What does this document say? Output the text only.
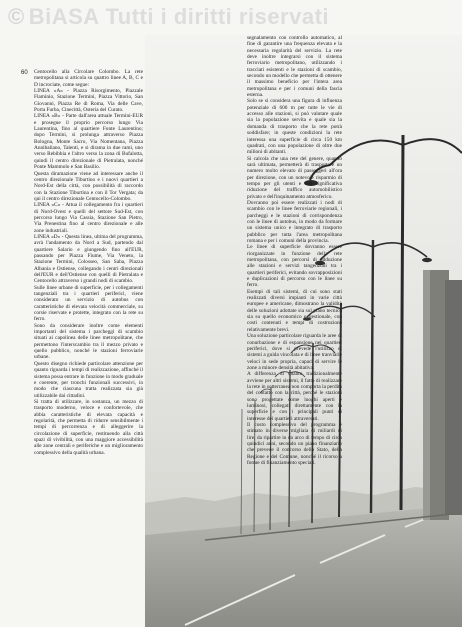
© BiASA Tutti i diritti riservati
60 Centocello alla Circolare Colombo. La rete metropolitana si articola su quattro linee A, B, C e D incrociate, come segue:

LINEA «A» - Piazza Risorgimento, Piazzale Flaminio, Stazione Termini, Piazza Vittorio, San Giovanni, Piazza Re di Roma, Via delle Cave, Porta Furba, Cinecittà, Osteria del Curato.

LINEA «B» - Parte dall'area attuale Termini-EUR e prosegue il proprio percorso lungo Via Laurentina, fino al quartiere Fonte Laurentino; dopo Termini, si prolunga attraverso Piazza Bologna, Monte Sacro, Via Nomentana, Piazza Annibaliano, Talenti, e si dirama in due rami, uno verso Rebibbia e l'altro verso la zona di Bufalotta, quindi il centro direzionale di Pietralata, nonché Ponte Mammolo e San Basilio.

Questa diramazione viene ad interessare anche il centro direzionale Tiburtino e i nuovi quartieri a Nord-Est della città, con possibilità di raccordo con la Stazione Tiburtina e con il Tor Vergata; da qui il centro direzionale Centocello-Colombo.

LINEA «C» - Attua il collegamento fra i quartieri di Nord-Ovest e quelli del settore Sud-Est, con percorso lungo Via Cassia, Stazione San Pietro, Via Prenestina fino al centro direzionale e alle zone industriali.

LINEA «D» - Questa linea, ultima del programma, avrà l'andamento da Nord a Sud, partendo dal quartiere Salario e giungendo fino all'EUR, passando per Piazza Fiume, Via Veneto, la Stazione Termini, Colosseo, San Saba, Piazza Albania e Ostiense, collegando i centri direzionali dell'EUR e dell'Ostiense con quelli di Pietralata e Centocello attraverso i grandi nodi di scambio.

Sulle linee urbane di superficie, per i collegamenti tangenziali tra i quartieri periferici, viene considerato un servizio di autobus con caratteristiche di elevata velocità commerciale, su corsie riservate e protette, integrato con la rete su ferro.

Sono da considerare inoltre come elementi importanti del sistema i parcheggi di scambio situati ai capolinea delle linee metropolitane, che permettono l'interscambio tra il mezzo privato e quello pubblico, nonché le stazioni ferroviarie urbane.

Questo disegno richiede particolare attenzione per quanto riguarda i tempi di realizzazione, affinché il sistema possa entrare in funzione in modo graduale e coerente, per tronchi funzionali successivi, in modo che ciascuna tratta realizzata sia già utilizzabile dai cittadini.

Si tratta di utilizzare, in sostanza, un mezzo di trasporto moderno, veloce e confortevole, che abbia caratteristiche di elevata capacità e regolarità, che permetta di ridurre sensibilmente i tempi di percorrenza e di alleggerire la circolazione di superficie, restituendo alla città spazi di vivibilità, con una maggiore accessibilità alle zone centrali e periferiche e un miglioramento complessivo della qualità urbana.

segnalamento con controllo automatico, al fine di garantire una frequenza elevata e la necessaria regolarità del servizio. La rete deve inoltre integrarsi con il sistema ferroviario metropolitano, utilizzando i tracciati esistenti e le stazioni di scambio, secondo un modello che permetta di ottenere il massimo beneficio per l'intera area metropolitana e per i comuni della fascia esterna.

Solo se si considera una figura di influenza potenziale di 600 m per tutte le vie di accesso alle stazioni, si può valutare quale sia la popolazione servita e quale sia la domanda di trasporto che la rete potrà soddisfare; in queste condizioni la rete interessa una superficie di circa 150 km quadrati, con una popolazione di oltre due milioni di abitanti.

Si calcola che una rete del genere, quando sarà ultimata, permetterà di trasportare un numero molto elevato di passeggeri all'ora per direzione, con un notevole risparmio di tempo per gli utenti e una significativa riduzione del traffico automobilistico privato e dell'inquinamento atmosferico.

Dovranno poi essere realizzati i nodi di scambio con le linee ferroviarie regionali, i parcheggi e le stazioni di corrispondenza con le linee di autobus, in modo da formare un sistema unico e integrato di trasporto pubblico per tutta l'area metropolitana romana e per i comuni della provincia.

Le linee di superficie dovranno essere riorganizzate in funzione della rete metropolitana, con percorsi di adduzione alle stazioni e servizi tangenziali tra i quartieri periferici, evitando sovrapposizioni e duplicazioni di percorso con le linee su ferro.

Esempi di tali sistemi, di cui sono stati realizzati diversi impianti in varie città europee e americane, dimostrano la validità delle soluzioni adottate sia sul piano tecnico sia su quello economico e gestionale, con costi contenuti e tempi di costruzione relativamente brevi.

Una soluzione particolare riguarda le aree di conurbazione e di espansione nei quartieri periferici, dove si prevede l'utilizzo di sistemi a guida vincolata e di linee tranviarie veloci in sede propria, capaci di servire le zone a minore densità abitativa.

A differenza di quanto tradizionalmente avviene per altri sistemi, il fatto di realizzare la rete in sotterranea non comporta la perdita del contatto con la città, perché le stazioni sono progettate come luoghi aperti e luminosi, collegati direttamente con la superficie e con i principali punti di interesse dei quartieri attraversati.

Il costo complessivo del programma è stimato in diverse migliaia di miliardi di lire, da ripartire in un arco di tempo di circa quindici anni, secondo un piano finanziario che prevede il concorso dello Stato, della Regione e del Comune, nonché il ricorso a forme di finanziamento speciali.
